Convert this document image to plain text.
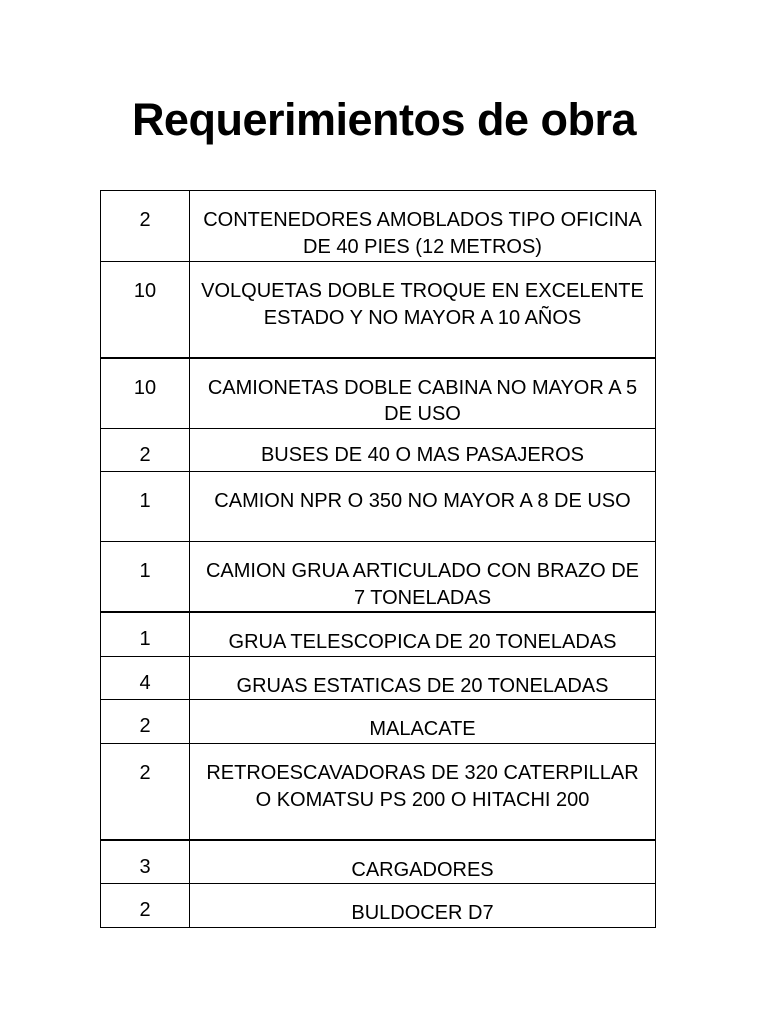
Requerimientos de obra
2	CONTENEDORES AMOBLADOS TIPO OFICINA DE 40 PIES (12 METROS)

10	VOLQUETAS DOBLE TROQUE EN EXCELENTE ESTADO Y NO MAYOR A 10 AÑOS

10	CAMIONETAS DOBLE CABINA NO MAYOR A 5 DE USO

2	BUSES DE 40 O MAS PASAJEROS

1	CAMION NPR O 350 NO MAYOR A 8 DE USO

1	CAMION GRUA ARTICULADO CON BRAZO DE 7 TONELADAS

1	GRUA TELESCOPICA DE 20 TONELADAS

4	GRUAS ESTATICAS DE 20 TONELADAS

2	MALACATE

2	RETROESCAVADORAS DE 320 CATERPILLAR O KOMATSU PS 200 O HITACHI 200

3	CARGADORES

2	BULDOCER D7
